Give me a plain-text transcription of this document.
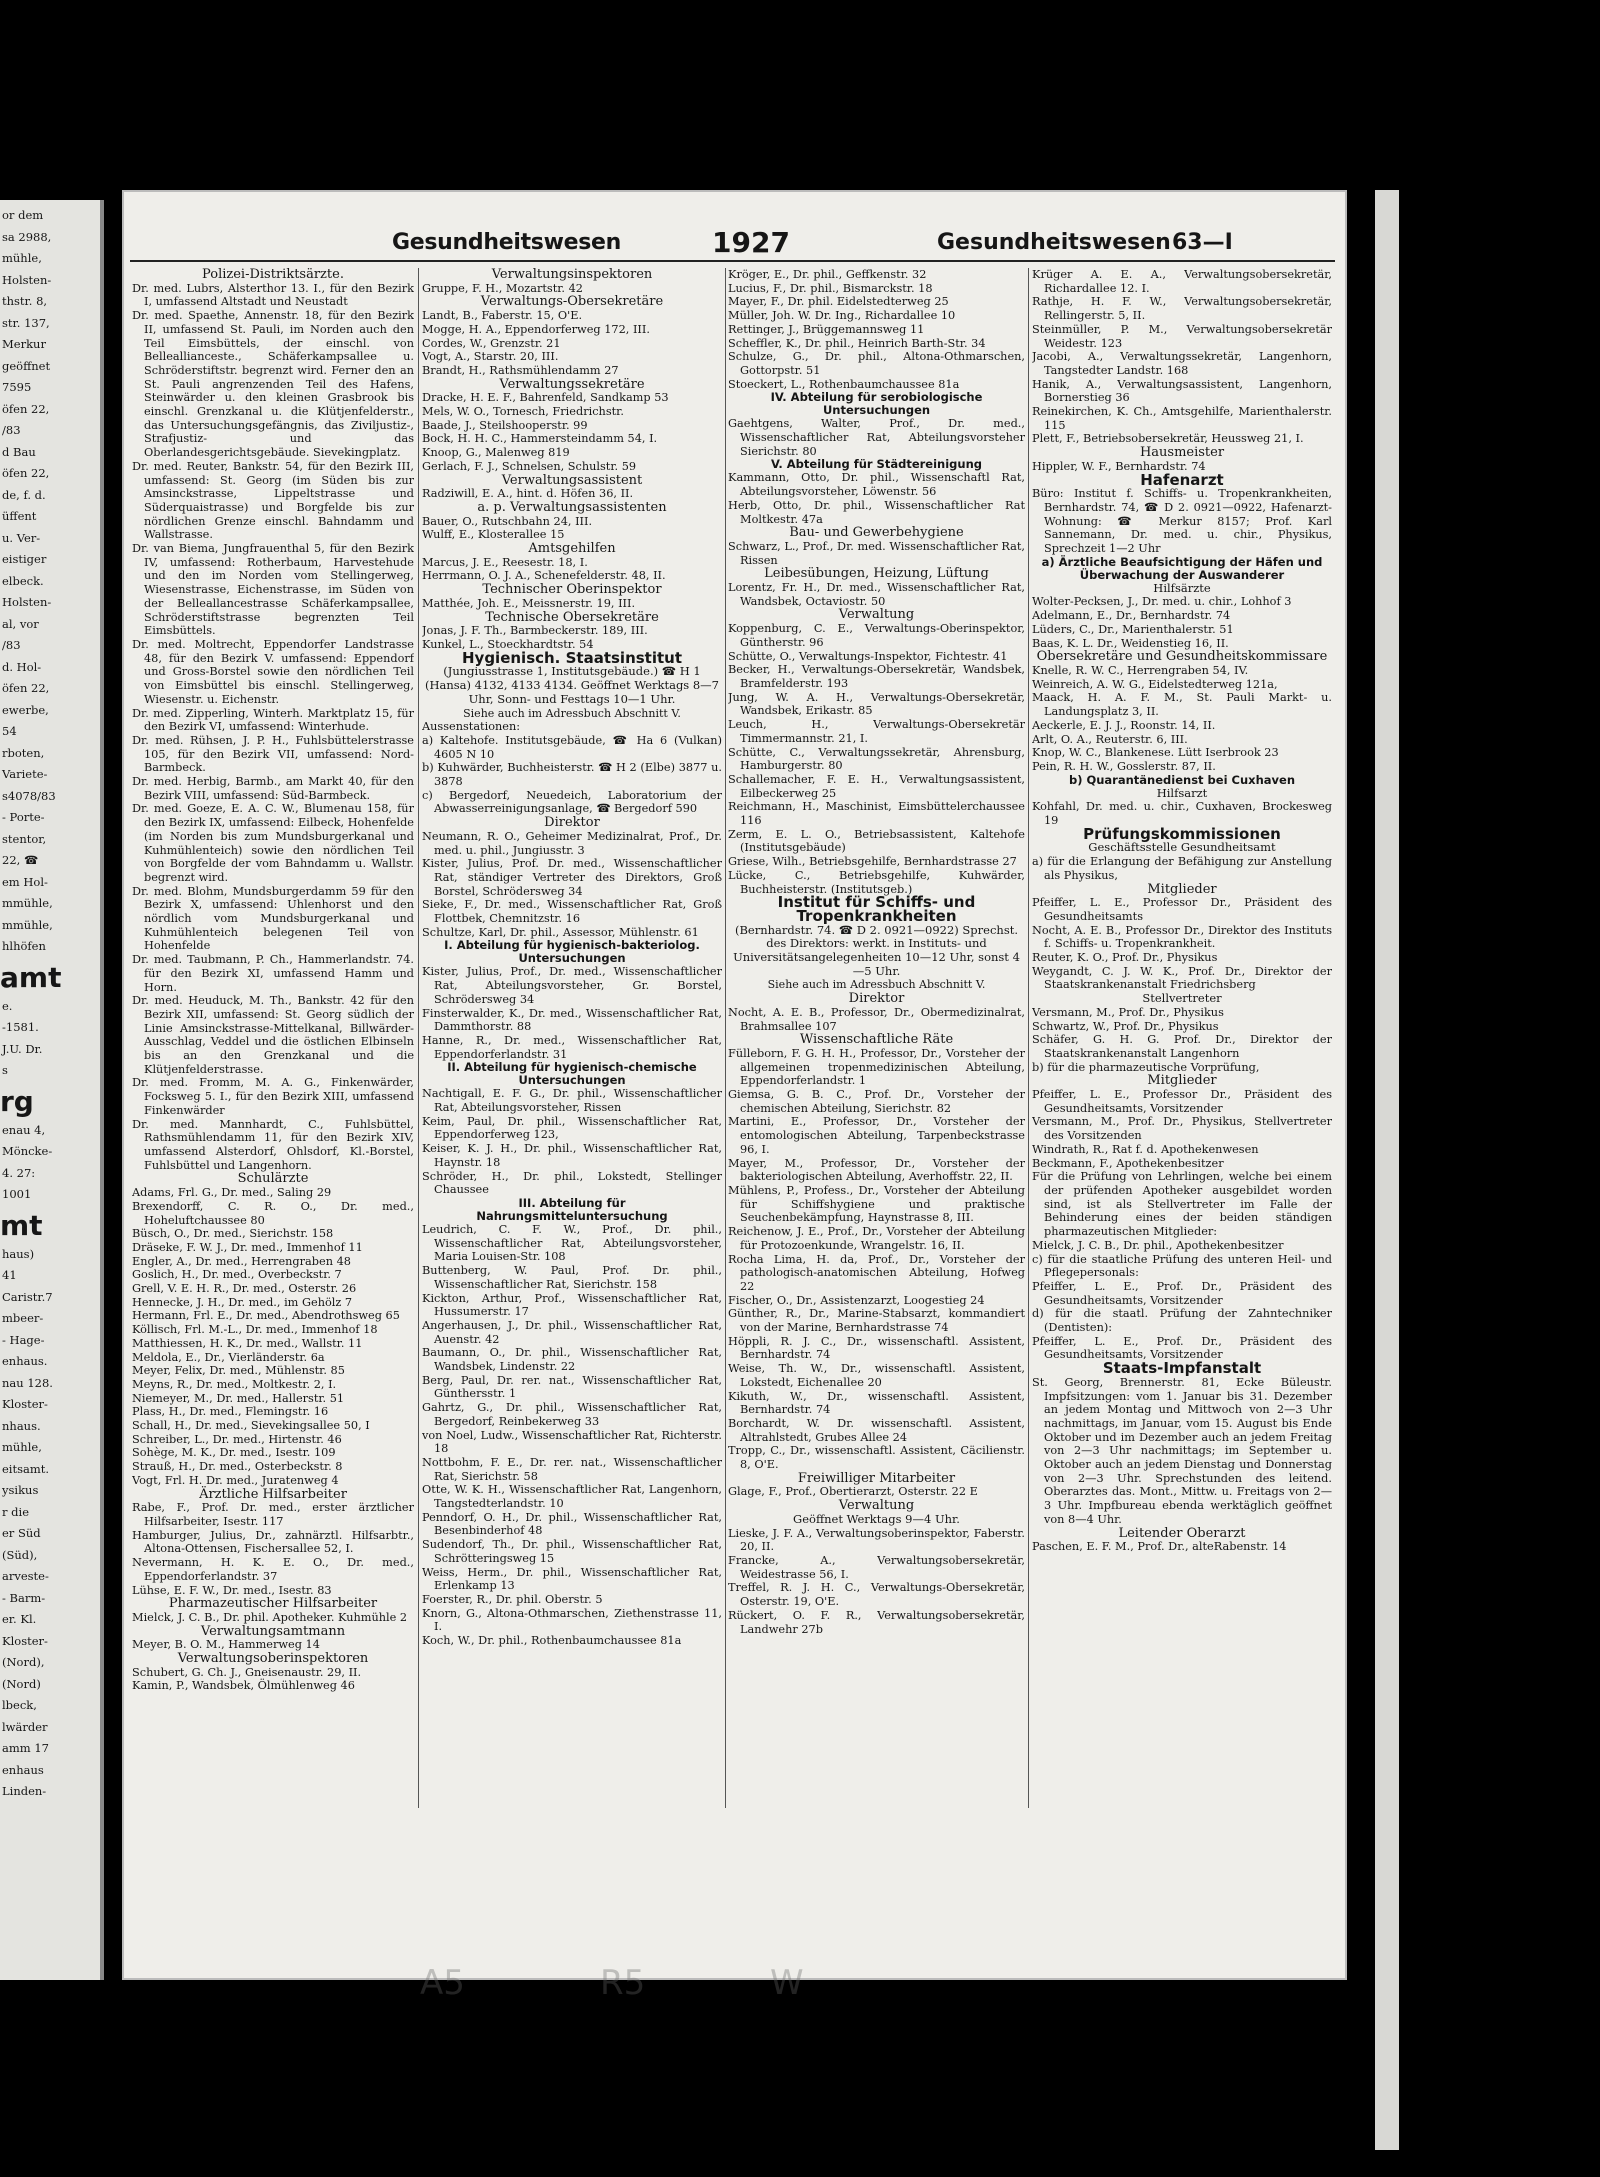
or dem
sa 2988,
mühle,
Holsten-
thstr. 8,
str. 137,
Merkur
geöffnet
7595
öfen 22,
/83
d Bau
öfen 22,
de, f. d.
üffent
u. Ver-
eistiger
elbeck.
Holsten-
al, vor
/83
d. Hol-
öfen 22,
ewerbe,
54
rboten,
Variete-
s4078/83
- Porte-
stentor,
22, ☎
em Hol-
mmühle,
mmühle,
hlhöfen
amt
e.
-1581.
J.U. Dr.
s
rg
enau 4,
Möncke-
4. 27:
1001
mt
haus)
41
Caristr.7
mbeer-
- Hage-
enhaus.
nau 128.
Kloster-
nhaus.
mühle,
eitsamt.
ysikus
r die
er Süd
(Süd),
arveste-
- Barm-
er. Kl.
Kloster-
(Nord),
(Nord)
lbeck,
lwärder
amm 17
enhaus
Linden-
Gesundheitswesen	1927	Gesundheitswesen 63—I

Polizei-Distriktsärzte.

Dr. med. Lubrs, Alsterthor 13. I., für den Bezirk I, umfassend Altstadt und Neustadt

Dr. med. Spaethe, Annenstr. 18, für den Bezirk II, umfassend St. Pauli, im Norden auch den Teil Eimsbüttels, der einschl. von Belleallianceste., Schäferkampsallee u. Schröderstiftstr. begrenzt wird. Ferner den an St. Pauli angrenzenden Teil des Hafens, Steinwärder u. den kleinen Grasbrook bis einschl. Grenzkanal u. die Klütjenfelderstr., das Untersuchungsgefängnis, das Ziviljustiz-, Strafjustiz- und das Oberlandesgerichtsgebäude. Sievekingplatz.

Dr. med. Reuter, Bankstr. 54, für den Bezirk III, umfassend: St. Georg (im Süden bis zur Amsinckstrasse, Lippeltstrasse und Süderquaistrasse) und Borgfelde bis zur nördlichen Grenze einschl. Bahndamm und Wallstrasse.

Dr. van Biema, Jungfrauenthal 5, für den Bezirk IV, umfassend: Rotherbaum, Harvestehude und den im Norden vom Stellingerweg, Wiesenstrasse, Eichenstrasse, im Süden von der Belleallancestrasse Schäferkampsallee, Schröderstiftstrasse begrenzten Teil Eimsbüttels.

Dr. med. Moltrecht, Eppendorfer Landstrasse 48, für den Bezirk V. umfassend: Eppendorf und Gross-Borstel sowie den nördlichen Teil von Eimsbüttel bis einschl. Stellingerweg, Wiesenstr. u. Eichenstr.

Dr. med. Zipperling, Winterh. Marktplatz 15, für den Bezirk VI, umfassend: Winterhude.

Dr. med. Rühsen, J. P. H., Fuhlsbüttelerstrasse 105, für den Bezirk VII, umfassend: Nord-Barmbeck.

Dr. med. Herbig, Barmb., am Markt 40, für den Bezirk VIII, umfassend: Süd-Barmbeck.

Dr. med. Goeze, E. A. C. W., Blumenau 158, für den Bezirk IX, umfassend: Eilbeck, Hohenfelde (im Norden bis zum Mundsburgerkanal und Kuhmühlenteich) sowie den nördlichen Teil von Borgfelde der vom Bahndamm u. Wallstr. begrenzt wird.

Dr. med. Blohm, Mundsburgerdamm 59 für den Bezirk X, umfassend: Uhlenhorst und den nördlich vom Mundsburgerkanal und Kuhmühlenteich belegenen Teil von Hohenfelde

Dr. med. Taubmann, P. Ch., Hammerlandstr. 74. für den Bezirk XI, umfassend Hamm und Horn.

Dr. med. Heuduck, M. Th., Bankstr. 42 für den Bezirk XII, umfassend: St. Georg südlich der Linie Amsinckstrasse-Mittelkanal, Billwärder-Ausschlag, Veddel und die östlichen Elbinseln bis an den Grenzkanal und die Klütjenfelderstrasse.

Dr. med. Fromm, M. A. G., Finkenwärder, Focksweg 5. I., für den Bezirk XIII, umfassend Finkenwärder

Dr. med. Mannhardt, C., Fuhlsbüttel, Rathsmühlendamm 11, für den Bezirk XIV, umfassend Alsterdorf, Ohlsdorf, Kl.-Borstel, Fuhlsbüttel und Langenhorn.

Schulärzte

Adams, Frl. G., Dr. med., Saling 29

Brexendorff, C. R. O., Dr. med., Hoheluftchaussee 80

Büsch, O., Dr. med., Sierichstr. 158

Dräseke, F. W. J., Dr. med., Immenhof 11

Engler, A., Dr. med., Herrengraben 48

Goslich, H., Dr. med., Overbeckstr. 7

Grell, V. E. H. R., Dr. med., Osterstr. 26

Hennecke, J. H., Dr. med., im Gehölz 7

Hermann, Frl. E., Dr. med., Abendrothsweg 65

Köllisch, Frl. M.-L., Dr. med., Immenhof 18

Matthiessen, H. K., Dr. med., Wallstr. 11

Meldola, E., Dr., Vierländerstr. 6a

Meyer, Felix, Dr. med., Mühlenstr. 85

Meyns, R., Dr. med., Moltkestr. 2, I.

Niemeyer, M., Dr. med., Hallerstr. 51

Plass, H., Dr. med., Flemingstr. 16

Schall, H., Dr. med., Sievekingsallee 50, I

Schreiber, L., Dr. med., Hirtenstr. 46

Sohège, M. K., Dr. med., Isestr. 109

Strauß, H., Dr. med., Osterbeckstr. 8

Vogt, Frl. H. Dr. med., Juratenweg 4

Ärztliche Hilfsarbeiter

Rabe, F., Prof. Dr. med., erster ärztlicher Hilfsarbeiter, Isestr. 117

Hamburger, Julius, Dr., zahnärztl. Hilfsarbtr., Altona-Ottensen, Fischersallee 52, I.

Nevermann, H. K. E. O., Dr. med., Eppendorferlandstr. 37

Lühse, E. F. W., Dr. med., Isestr. 83

Pharmazeutischer Hilfsarbeiter

Mielck, J. C. B., Dr. phil. Apotheker. Kuhmühle 2

Verwaltungsamtmann

Meyer, B. O. M., Hammerweg 14

Verwaltungsoberinspektoren

Schubert, G. Ch. J., Gneisenaustr. 29, II.

Kamin, P., Wandsbek, Ölmühlenweg 46

Verwaltungsinspektoren

Gruppe, F. H., Mozartstr. 42

Verwaltungs-Obersekretäre

Landt, B., Faberstr. 15, O'E.

Mogge, H. A., Eppendorferweg 172, III.

Cordes, W., Grenzstr. 21

Vogt, A., Starstr. 20, III.

Brandt, H., Rathsmühlendamm 27

Verwaltungssekretäre

Dracke, H. E. F., Bahrenfeld, Sandkamp 53

Mels, W. O., Tornesch, Friedrichstr.

Baade, J., Steilshooperstr. 99

Bock, H. H. C., Hammersteindamm 54, I.

Knoop, G., Malenweg 819

Gerlach, F. J., Schnelsen, Schulstr. 59

Verwaltungsassistent

Radziwill, E. A., hint. d. Höfen 36, II.

a. p. Verwaltungsassistenten

Bauer, O., Rutschbahn 24, III.

Wulff, E., Klosterallee 15

Amtsgehilfen

Marcus, J. E., Reesestr. 18, I.

Herrmann, O. J. A., Schenefelderstr. 48, II.

Technischer Oberinspektor

Matthée, Joh. E., Meissnerstr. 19, III.

Technische Obersekretäre

Jonas, J. F. Th., Barmbeckerstr. 189, III.

Kunkel, L., Stoeckhardtstr. 54

Hygienisch. Staatsinstitut

(Jungiusstrasse 1, Institutsgebäude.) ☎ H 1 (Hansa) 4132, 4133 4134. Geöffnet Werktags 8—7 Uhr, Sonn- und Festtags 10—1 Uhr.

Siehe auch im Adressbuch Abschnitt V.

Aussenstationen:

a) Kaltehofe. Institutsgebäude, ☎ Ha 6 (Vulkan) 4605 N 10

b) Kuhwärder, Buchheisterstr. ☎ H 2 (Elbe) 3877 u. 3878

c) Bergedorf, Neuedeich, Laboratorium der Abwasserreinigungsanlage, ☎ Bergedorf 590

Direktor

Neumann, R. O., Geheimer Medizinalrat, Prof., Dr. med. u. phil., Jungiusstr. 3

Kister, Julius, Prof. Dr. med., Wissenschaftlicher Rat, ständiger Vertreter des Direktors, Groß Borstel, Schrödersweg 34

Sieke, F., Dr. med., Wissenschaftlicher Rat, Groß Flottbek, Chemnitzstr. 16

Schultze, Karl, Dr. phil., Assessor, Mühlenstr. 61

I. Abteilung für hygienisch-bakteriolog. Untersuchungen

Kister, Julius, Prof., Dr. med., Wissenschaftlicher Rat, Abteilungsvorsteher, Gr. Borstel, Schrödersweg 34

Finsterwalder, K., Dr. med., Wissenschaftlicher Rat, Dammthorstr. 88

Hanne, R., Dr. med., Wissenschaftlicher Rat, Eppendorferlandstr. 31

II. Abteilung für hygienisch-chemische Untersuchungen

Nachtigall, E. F. G., Dr. phil., Wissenschaftlicher Rat, Abteilungsvorsteher, Rissen

Keim, Paul, Dr. phil., Wissenschaftlicher Rat, Eppendorferweg 123,

Keiser, K. J. H., Dr. phil., Wissenschaftlicher Rat, Haynstr. 18

Schröder, H., Dr. phil., Lokstedt, Stellinger Chaussee

III. Abteilung für Nahrungsmitteluntersuchung

Leudrich, C. F. W., Prof., Dr. phil., Wissenschaftlicher Rat, Abteilungsvorsteher, Maria Louisen-Str. 108

Buttenberg, W. Paul, Prof. Dr. phil., Wissenschaftlicher Rat, Sierichstr. 158

Kickton, Arthur, Prof., Wissenschaftlicher Rat, Hussumerstr. 17

Angerhausen, J., Dr. phil., Wissenschaftlicher Rat, Auenstr. 42

Baumann, O., Dr. phil., Wissenschaftlicher Rat, Wandsbek, Lindenstr. 22

Berg, Paul, Dr. rer. nat., Wissenschaftlicher Rat, Günthersstr. 1

Gahrtz, G., Dr. phil., Wissenschaftlicher Rat, Bergedorf, Reinbekerweg 33

von Noel, Ludw., Wissenschaftlicher Rat, Richterstr. 18

Nottbohm, F. E., Dr. rer. nat., Wissenschaftlicher Rat, Sierichstr. 58

Otte, W. K. H., Wissenschaftlicher Rat, Langenhorn, Tangstedterlandstr. 10

Penndorf, O. H., Dr. phil., Wissenschaftlicher Rat, Besenbinderhof 48

Sudendorf, Th., Dr. phil., Wissenschaftlicher Rat, Schrötteringsweg 15

Weiss, Herm., Dr. phil., Wissenschaftlicher Rat, Erlenkamp 13

Foerster, R., Dr. phil. Oberstr. 5

Knorn, G., Altona-Othmarschen, Ziethenstrasse 11, I.

Koch, W., Dr. phil., Rothenbaumchaussee 81a

Kröger, E., Dr. phil., Geffkenstr. 32

Lucius, F., Dr. phil., Bismarckstr. 18

Mayer, F., Dr. phil. Eidelstedterweg 25

Müller, Joh. W. Dr. Ing., Richardallee 10

Rettinger, J., Brüggemannsweg 11

Scheffler, K., Dr. phil., Heinrich Barth-Str. 34

Schulze, G., Dr. phil., Altona-Othmarschen, Gottorpstr. 51

Stoeckert, L., Rothenbaumchaussee 81a

IV. Abteilung für serobiologische Untersuchungen

Gaehtgens, Walter, Prof., Dr. med., Wissenschaftlicher Rat, Abteilungsvorsteher Sierichstr. 80

V. Abteilung für Städtereinigung

Kammann, Otto, Dr. phil., Wissenschaftl Rat, Abteilungsvorsteher, Löwenstr. 56

Herb, Otto, Dr. phil., Wissenschaftlicher Rat Moltkestr. 47a

Bau- und Gewerbehygiene

Schwarz, L., Prof., Dr. med. Wissenschaftlicher Rat, Rissen

Leibesübungen, Heizung, Lüftung

Lorentz, Fr. H., Dr. med., Wissenschaftlicher Rat, Wandsbek, Octaviostr. 50

Verwaltung

Koppenburg, C. E., Verwaltungs-Oberinspektor, Güntherstr. 96

Schütte, O., Verwaltungs-Inspektor, Fichtestr. 41

Becker, H., Verwaltungs-Obersekretär, Wandsbek, Bramfelderstr. 193

Jung, W. A. H., Verwaltungs-Obersekretär, Wandsbek, Erikastr. 85

Leuch, H., Verwaltungs-Obersekretär Timmermannstr. 21, I.

Schütte, C., Verwaltungssekretär, Ahrensburg, Hamburgerstr. 80

Schallemacher, F. E. H., Verwaltungsassistent, Eilbeckerweg 25

Reichmann, H., Maschinist, Eimsbüttelerchaussee 116

Zerm, E. L. O., Betriebsassistent, Kaltehofe (Institutsgebäude)

Griese, Wilh., Betriebsgehilfe, Bernhardstrasse 27

Lücke, C., Betriebsgehilfe, Kuhwärder, Buchheisterstr. (Institutsgeb.)

Institut für Schiffs- und Tropenkrankheiten

(Bernhardstr. 74. ☎ D 2. 0921—0922) Sprechst. des Direktors: werkt. in Instituts- und Universitätsangelegenheiten 10—12 Uhr, sonst 4—5 Uhr.

Siehe auch im Adressbuch Abschnitt V.

Direktor

Nocht, A. E. B., Professor, Dr., Obermedizinalrat, Brahmsallee 107

Wissenschaftliche Räte

Fülleborn, F. G. H. H., Professor, Dr., Vorsteher der allgemeinen tropenmedizinischen Abteilung, Eppendorferlandstr. 1

Giemsa, G. B. C., Prof. Dr., Vorsteher der chemischen Abteilung, Sierichstr. 82

Martini, E., Professor, Dr., Vorsteher der entomologischen Abteilung, Tarpenbeckstrasse 96, I.

Mayer, M., Professor, Dr., Vorsteher der bakteriologischen Abteilung, Averhoffstr. 22, II.

Mühlens, P., Profess., Dr., Vorsteher der Abteilung für Schiffshygiene und praktische Seuchenbekämpfung, Haynstrasse 8, III.

Reichenow, J. E., Prof., Dr., Vorsteher der Abteilung für Protozoenkunde, Wrangelstr. 16, II.

Rocha Lima, H. da, Prof., Dr., Vorsteher der pathologisch-anatomischen Abteilung, Hofweg 22

Fischer, O., Dr., Assistenzarzt, Loogestieg 24

Günther, R., Dr., Marine-Stabsarzt, kommandiert von der Marine, Bernhardstrasse 74

Höppli, R. J. C., Dr., wissenschaftl. Assistent, Bernhardstr. 74

Weise, Th. W., Dr., wissenschaftl. Assistent, Lokstedt, Eichenallee 20

Kikuth, W., Dr., wissenschaftl. Assistent, Bernhardstr. 74

Borchardt, W. Dr. wissenschaftl. Assistent, Altrahlstedt, Grubes Allee 24

Tropp, C., Dr., wissenschaftl. Assistent, Cäcilienstr. 8, O'E.

Freiwilliger Mitarbeiter

Glage, F., Prof., Obertierarzt, Osterstr. 22 E

Verwaltung

Geöffnet Werktags 9—4 Uhr.

Lieske, J. F. A., Verwaltungsoberinspektor, Faberstr. 20, II.

Francke, A., Verwaltungsobersekretär, Weidestrasse 56, I.

Treffel, R. J. H. C., Verwaltungs-Obersekretär, Osterstr. 19, O'E.

Rückert, O. F. R., Verwaltungsobersekretär, Landwehr 27b

Krüger A. E. A., Verwaltungsobersekretär, Richardallee 12. I.

Rathje, H. F. W., Verwaltungsobersekretär, Rellingerstr. 5, II.

Steinmüller, P. M., Verwaltungsobersekretär Weidestr. 123

Jacobi, A., Verwaltungssekretär, Langenhorn, Tangstedter Landstr. 168

Hanik, A., Verwaltungsassistent, Langenhorn, Bornerstieg 36

Reinekirchen, K. Ch., Amtsgehilfe, Marienthalerstr. 115

Plett, F., Betriebsobersekretär, Heussweg 21, I.

Hausmeister

Hippler, W. F., Bernhardstr. 74

Hafenarzt

Büro: Institut f. Schiffs- u. Tropenkrankheiten, Bernhardstr. 74, ☎ D 2. 0921—0922, Hafenarzt-Wohnung: ☎ Merkur 8157; Prof. Karl Sannemann, Dr. med. u. chir., Physikus, Sprechzeit 1—2 Uhr

a) Ärztliche Beaufsichtigung der Häfen und Überwachung der Auswanderer

Hilfsärzte

Wolter-Pecksen, J., Dr. med. u. chir., Lohhof 3

Adelmann, E., Dr., Bernhardstr. 74

Lüders, C., Dr., Marienthalerstr. 51

Baas, K. L. Dr., Weidenstieg 16, II.

Obersekretäre und Gesundheitskommissare

Knelle, R. W. C., Herrengraben 54, IV.

Weinreich, A. W. G., Eidelstedterweg 121a,

Maack, H. A. F. M., St. Pauli Markt- u. Landungsplatz 3, II.

Aeckerle, E. J. J., Roonstr. 14, II.

Arlt, O. A., Reuterstr. 6, III.

Knop, W. C., Blankenese. Lütt Iserbrook 23

Pein, R. H. W., Gosslerstr. 87, II.

b) Quarantänedienst bei Cuxhaven

Hilfsarzt

Kohfahl, Dr. med. u. chir., Cuxhaven, Brockesweg 19

Prüfungskommissionen

Geschäftsstelle Gesundheitsamt

a) für die Erlangung der Befähigung zur Anstellung als Physikus,

Mitglieder

Pfeiffer, L. E., Professor Dr., Präsident des Gesundheitsamts

Nocht, A. E. B., Professor Dr., Direktor des Instituts f. Schiffs- u. Tropenkrankheit.

Reuter, K. O., Prof. Dr., Physikus

Weygandt, C. J. W. K., Prof. Dr., Direktor der Staatskrankenanstalt Friedrichsberg

Stellvertreter

Versmann, M., Prof. Dr., Physikus

Schwartz, W., Prof. Dr., Physikus

Schäfer, G. H. G. Prof. Dr., Direktor der Staatskrankenanstalt Langenhorn

b) für die pharmazeutische Vorprüfung,

Mitglieder

Pfeiffer, L. E., Professor Dr., Präsident des Gesundheitsamts, Vorsitzender

Versmann, M., Prof. Dr., Physikus, Stellvertreter des Vorsitzenden

Windrath, R., Rat f. d. Apothekenwesen

Beckmann, F., Apothekenbesitzer

Für die Prüfung von Lehrlingen, welche bei einem der prüfenden Apotheker ausgebildet worden sind, ist als Stellvertreter im Falle der Behinderung eines der beiden ständigen pharmazeutischen Mitglieder:

Mielck, J. C. B., Dr. phil., Apothekenbesitzer

c) für die staatliche Prüfung des unteren Heil- und Pflegepersonals:

Pfeiffer, L. E., Prof. Dr., Präsident des Gesundheitsamts, Vorsitzender

d) für die staatl. Prüfung der Zahntechniker (Dentisten):

Pfeiffer, L. E., Prof. Dr., Präsident des Gesundheitsamts, Vorsitzender

Staats-Impfanstalt

St. Georg, Brennerstr. 81, Ecke Büleustr. Impfsitzungen: vom 1. Januar bis 31. Dezember an jedem Montag und Mittwoch von 2—3 Uhr nachmittags, im Januar, vom 15. August bis Ende Oktober und im Dezember auch an jedem Freitag von 2—3 Uhr nachmittags; im September u. Oktober auch an jedem Dienstag und Donnerstag von 2—3 Uhr. Sprechstunden des leitend. Oberarztes das. Mont., Mittw. u. Freitags von 2—3 Uhr. Impfbureau ebenda werktäglich geöffnet von 8—4 Uhr.

Leitender Oberarzt

Paschen, E. F. M., Prof. Dr., alteRabenstr. 14

A5	R5	W
